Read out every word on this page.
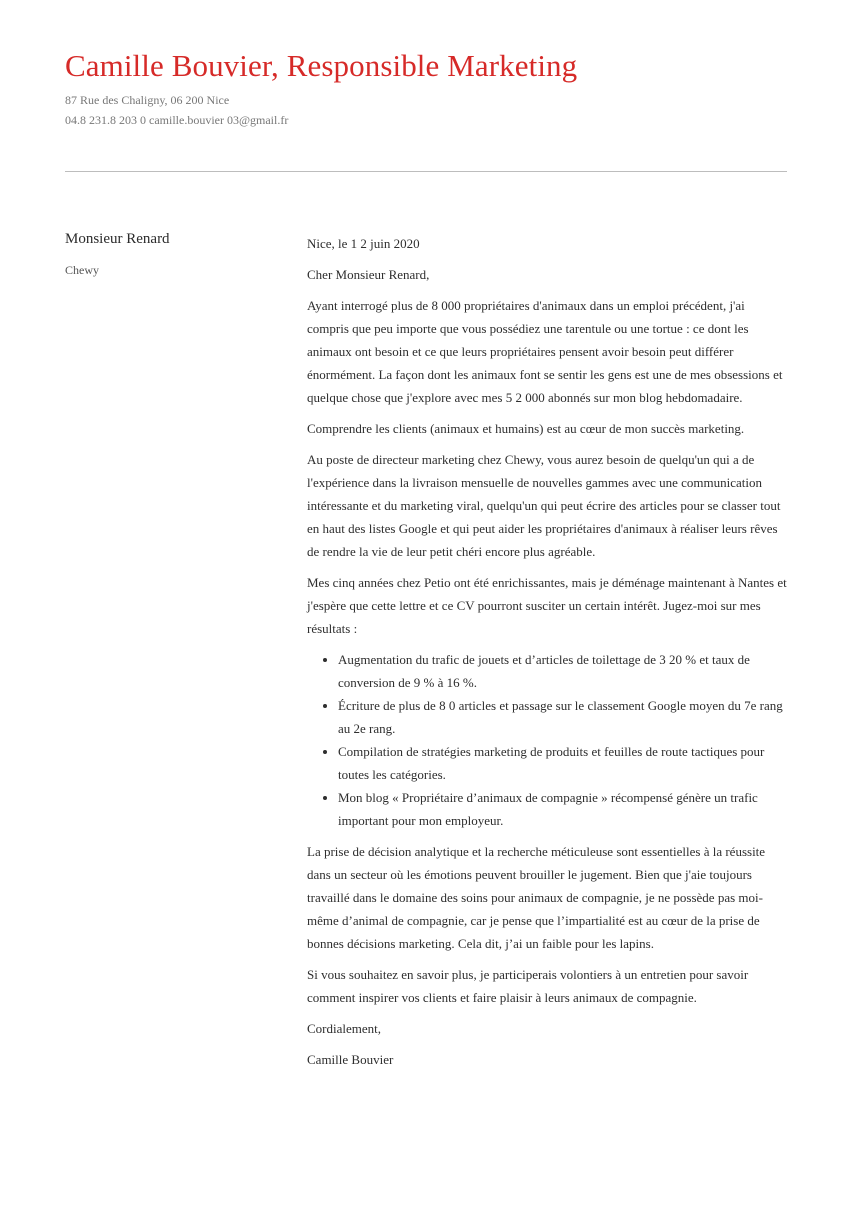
Camille Bouvier, Responsible Marketing
87 Rue des Chaligny, 06 200 Nice
04.8 231.8 203 0 camille.bouvier 03@gmail.fr
Monsieur Renard
Chewy

Nice, le 1 2 juin 2020

Cher Monsieur Renard,

Ayant interrogé plus de 8 000 propriétaires d'animaux dans un emploi précédent, j'ai compris que peu importe que vous possédiez une tarentule ou une tortue : ce dont les animaux ont besoin et ce que leurs propriétaires pensent avoir besoin peut différer énormément. La façon dont les animaux font se sentir les gens est une de mes obsessions et quelque chose que j'explore avec mes 5 2 000 abonnés sur mon blog hebdomadaire.

Comprendre les clients (animaux et humains) est au cœur de mon succès marketing.

Au poste de directeur marketing chez Chewy, vous aurez besoin de quelqu'un qui a de l'expérience dans la livraison mensuelle de nouvelles gammes avec une communication intéressante et du marketing viral, quelqu'un qui peut écrire des articles pour se classer tout en haut des listes Google et qui peut aider les propriétaires d'animaux à réaliser leurs rêves de rendre la vie de leur petit chéri encore plus agréable.

Mes cinq années chez Petio ont été enrichissantes, mais je déménage maintenant à Nantes et j'espère que cette lettre et ce CV pourront susciter un certain intérêt. Jugez-moi sur mes résultats :

• Augmentation du trafic de jouets et d’articles de toilettage de 3 20 % et taux de conversion de 9 % à 16 %.
• Écriture de plus de 8 0 articles et passage sur le classement Google moyen du 7e rang au 2e rang.
• Compilation de stratégies marketing de produits et feuilles de route tactiques pour toutes les catégories.
• Mon blog « Propriétaire d’animaux de compagnie » récompensé génère un trafic important pour mon employeur.

La prise de décision analytique et la recherche méticuleuse sont essentielles à la réussite dans un secteur où les émotions peuvent brouiller le jugement. Bien que j'aie toujours travaillé dans le domaine des soins pour animaux de compagnie, je ne possède pas moi-même d’animal de compagnie, car je pense que l’impartialité est au cœur de la prise de bonnes décisions marketing. Cela dit, j’ai un faible pour les lapins.

Si vous souhaitez en savoir plus, je participerais volontiers à un entretien pour savoir comment inspirer vos clients et faire plaisir à leurs animaux de compagnie.

Cordialement,

Camille Bouvier
